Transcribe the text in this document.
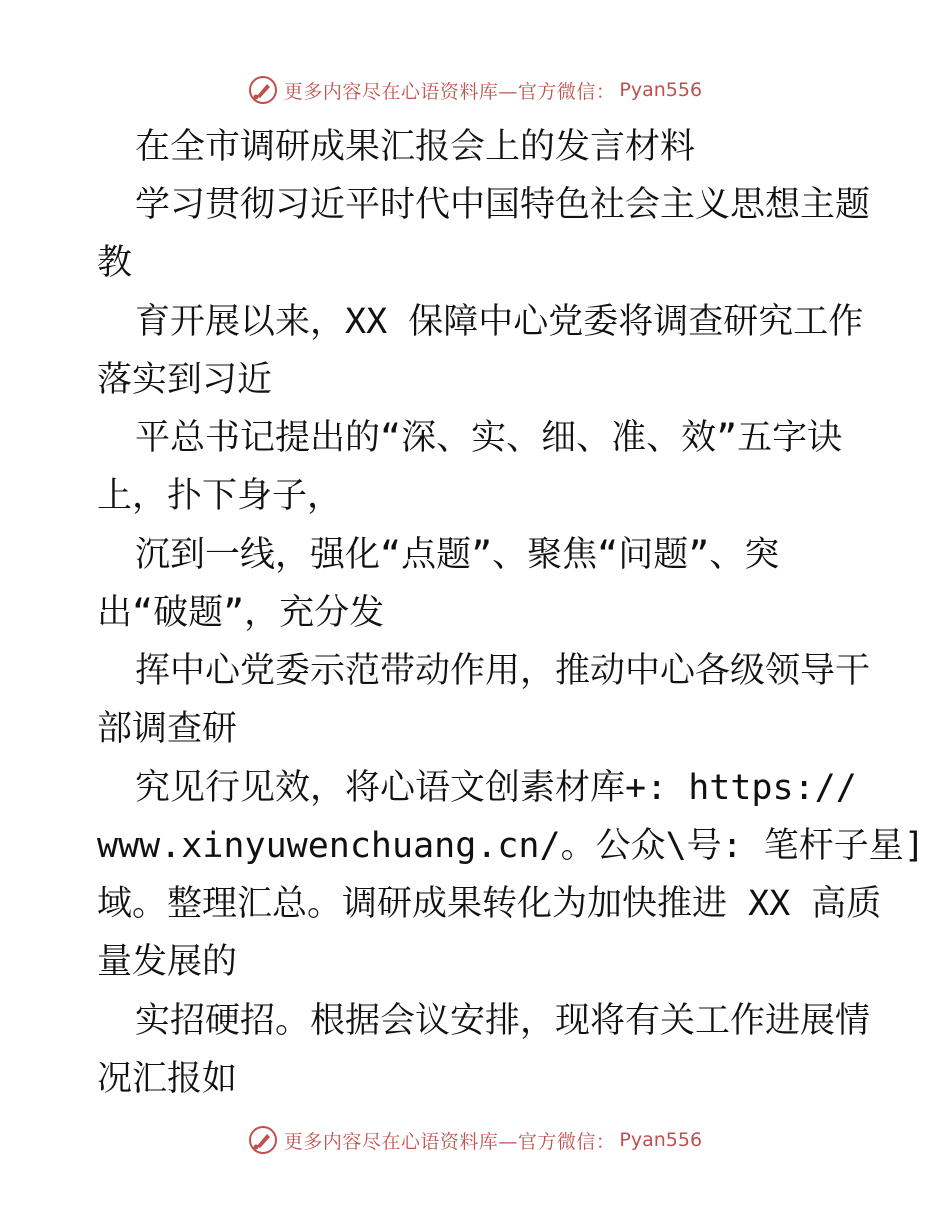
更多内容尽在心语资料库—官方微信： Pyan556
在全市调研成果汇报会上的发言材料
学习贯彻习近平时代中国特色社会主义思想主题
教
育开展以来，XX 保障中心党委将调查研究工作
落实到习近
平总书记提出的“深、实、细、准、效”五字诀
上，扑下身子，
沉到一线，强化“点题”、聚焦“问题”、突
出“破题”，充分发
挥中心党委示范带动作用，推动中心各级领导干
部调查研
究见行见效，将心语文创素材库+: https://
www.xinyuwenchuang.cn/。公众\号: 笔杆子星]
域。整理汇总。调研成果转化为加快推进 XX 高质
量发展的
实招硬招。根据会议安排，现将有关工作进展情
况汇报如
更多内容尽在心语资料库—官方微信： Pyan556
